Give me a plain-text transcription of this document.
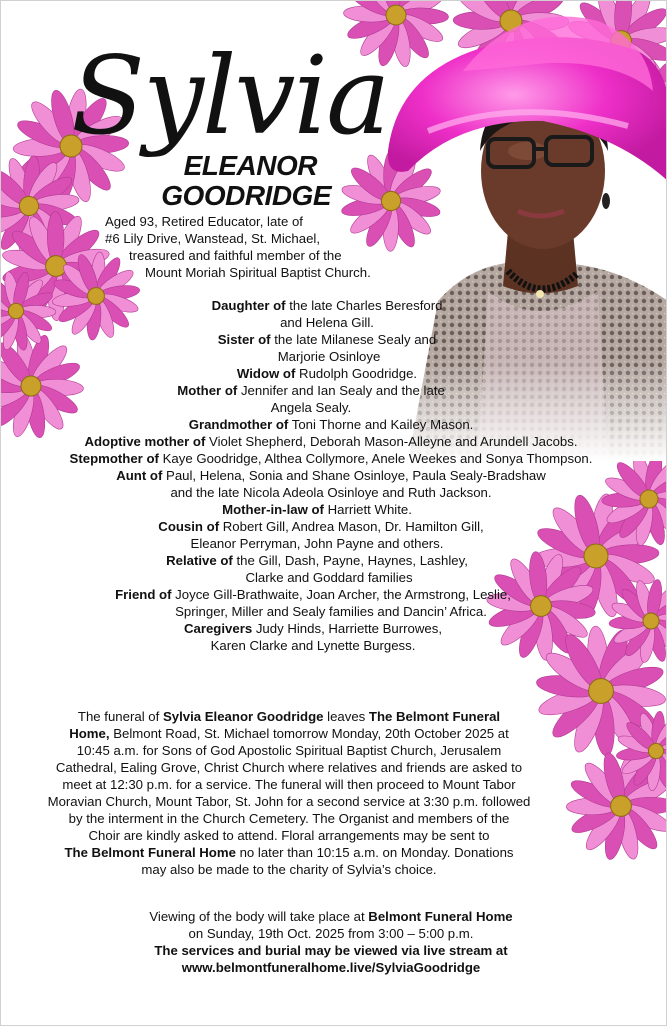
Sylvia
ELEANOR
GOODRIDGE
Aged 93, Retired Educator, late of
#6 Lily Drive, Wanstead, St. Michael,
treasured and faithful member of the
Mount Moriah Spiritual Baptist Church.
Daughter of the late Charles Beresford
and Helena Gill.
Sister of the late Milanese Sealy and
Marjorie Osinloye
Widow of Rudolph Goodridge.
Mother of Jennifer and Ian Sealy and the late
Angela Sealy.
Grandmother of Toni Thorne and Kailey Mason.
Adoptive mother of Violet Shepherd, Deborah Mason-Alleyne and Arundell Jacobs.
Stepmother of Kaye Goodridge, Althea Collymore, Anele Weekes and Sonya Thompson.
Aunt of Paul, Helena, Sonia and Shane Osinloye, Paula Sealy-Bradshaw
and the late Nicola Adeola Osinloye and Ruth Jackson.
Mother-in-law of Harriett White.
Cousin of Robert Gill, Andrea Mason, Dr. Hamilton Gill,
Eleanor Perryman, John Payne and others.
Relative of the Gill, Dash, Payne, Haynes, Lashley,
Clarke and Goddard families
Friend of Joyce Gill-Brathwaite, Joan Archer, the Armstrong, Leslie,
Springer, Miller and Sealy families and Dancin’ Africa.
Caregivers Judy Hinds, Harriette Burrowes,
Karen Clarke and Lynette Burgess.
The funeral of Sylvia Eleanor Goodridge leaves The Belmont Funeral
Home, Belmont Road, St. Michael tomorrow Monday, 20th October 2025 at
10:45 a.m. for Sons of God Apostolic Spiritual Baptist Church, Jerusalem
Cathedral, Ealing Grove, Christ Church where relatives and friends are asked to
meet at 12:30 p.m. for a service. The funeral will then proceed to Mount Tabor
Moravian Church, Mount Tabor, St. John for a second service at 3:30 p.m. followed
by the interment in the Church Cemetery. The Organist and members of the
Choir are kindly asked to attend. Floral arrangements may be sent to
The Belmont Funeral Home no later than 10:15 a.m. on Monday. Donations
may also be made to the charity of Sylvia’s choice.
Viewing of the body will take place at Belmont Funeral Home
on Sunday, 19th Oct. 2025 from 3:00 – 5:00 p.m.
The services and burial may be viewed via live stream at
www.belmontfuneralhome.live/SylviaGoodridge
